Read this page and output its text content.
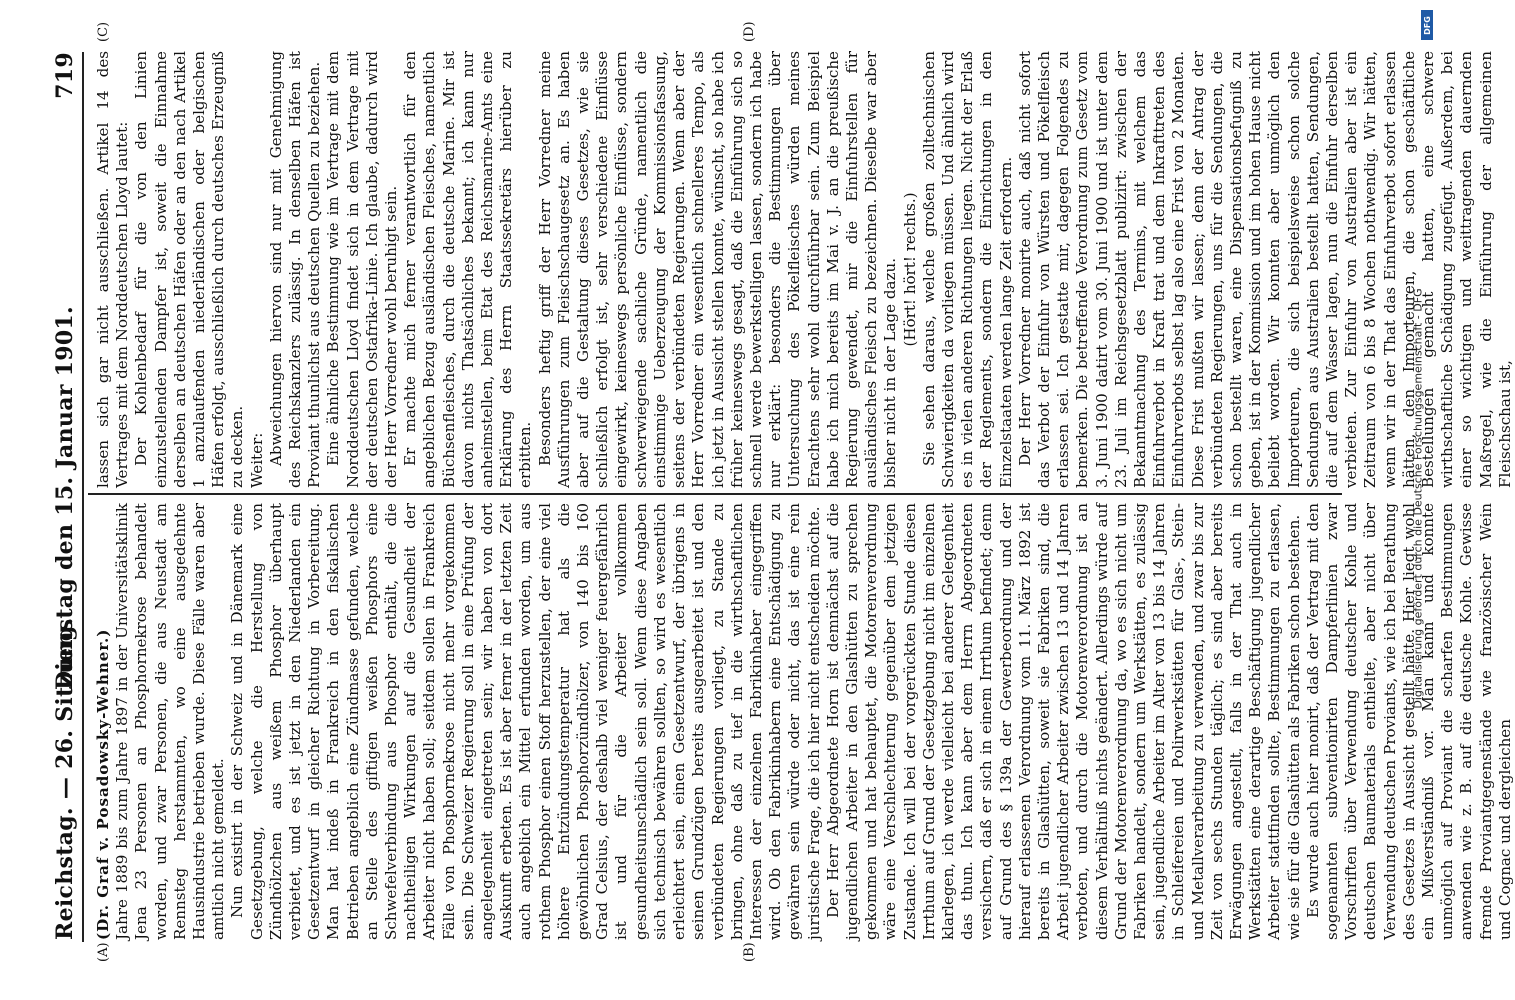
Reichstag. — 26. Sitzung.
Dienstag den 15. Januar 1901.
719
(A)	(B)
(C)	(D)

(Dr. Graf v. Posadowsky-Wehner.) Jahre 1889 bis zum Jahre 1897 in der Universitätsklinik Jena 23 Personen an Phosphornekrose behandelt worden, und zwar Personen, die aus Neustadt am Rennsteg herstammten, wo eine ausgedehnte Hausindustrie betrieben wurde. Diese Fälle waren aber amtlich nicht gemeldet. Nun existirt in der Schweiz und in Dänemark eine Gesetzgebung, welche die Herstellung von Zündhölzchen aus weißem Phosphor überhaupt verbietet, und es ist jetzt in den Niederlanden ein Gesetzentwurf in gleicher Richtung in Vorbereitung. Man hat indeß in Frankreich in den fiskalischen Betrieben angeblich eine Zündmasse gefunden, welche an Stelle des giftigen weißen Phosphors eine Schwefelverbindung aus Phosphor enthält, die die nachtheiligen Wirkungen auf die Gesundheit der Arbeiter nicht haben soll; seitdem sollen in Frankreich Fälle von Phosphornekrose nicht mehr vorgekommen sein. Die Schweizer Regierung soll in eine Prüfung der angelegenheit eingetreten sein; wir haben von dort Auskunft erbeten. Es ist aber ferner in der letzten Zeit auch angeblich ein Mittel erfunden worden, um aus rothem Phosphor einen Stoff herzustellen, der eine viel höhere Entzündungstemperatur hat als die gewöhnlichen Phosphorzündhölzer, von 140 bis 160 Grad Celsius, der deshalb viel weniger feuergefährlich ist und für die Arbeiter vollkommen gesundheitsunschädlich sein soll. Wenn diese Angaben sich technisch bewähren sollten, so wird es wesentlich erleichtert sein, einen Gesetzentwurf, der übrigens in seinen Grundzügen bereits ausgearbeitet ist und den verbündeten Regierungen vorliegt, zu Stande zu bringen, ohne daß zu tief in die wirthschaftlichen Interessen der einzelnen Fabrikinhaber eingegriffen wird. Ob den Fabrikinhabern eine Entschädigung zu gewähren sein würde oder nicht, das ist eine rein juristische Frage, die ich hier nicht entscheiden möchte. Der Herr Abgeordnete Horn ist demnächst auf die jugendlichen Arbeiter in den Glashütten zu sprechen gekommen und hat behauptet, die Motorenverordnung wäre eine Verschlechterung gegenüber dem jetzigen Zustande. Ich will bei der vorgerückten Stunde diesen Irrthum auf Grund der Gesetzgebung nicht im einzelnen klarlegen, ich werde vielleicht bei anderer Gelegenheit das thun. Ich kann aber dem Herrn Abgeordneten versichern, daß er sich in einem Irrthum befindet; denn auf Grund des § 139a der Gewerbeordnung und der hierauf erlassenen Verordnung vom 11. März 1892 ist bereits in Glashütten, soweit sie Fabriken sind, die Arbeit jugendlicher Arbeiter zwischen 13 und 14 Jahren verboten, und durch die Motorenverordnung ist an diesem Verhältniß nichts geändert. Allerdings würde auf Grund der Motorenverordnung da, wo es sich nicht um Fabriken handelt, sondern um Werkstätten, es zulässig sein, jugendliche Arbeiter im Alter von 13 bis 14 Jahren in Schleifereien und Polirwerkstätten für Glas-, Stein- und Metallverarbeitung zu verwenden, und zwar bis zur Zeit von sechs Stunden täglich; es sind aber bereits Erwägungen angestellt, falls in der That auch in Werkstätten eine derartige Beschäftigung jugendlicher Arbeiter stattfinden sollte, Bestimmungen zu erlassen, wie sie für die Glashütten als Fabriken schon bestehen. Es wurde auch hier monirt, daß der Vertrag mit den sogenannten subventionirten Dampferlinien zwar Vorschriften über Verwendung deutscher Kohle und deutschen Baumaterials enthielte, aber nicht über Verwendung deutschen Proviants, wie ich bei Berathung des Gesetzes in Aussicht gestellt hätte. Hier liegt wohl ein Mißverständniß vor. Man kann und konnte unmöglich auf Proviant die scharfen Bestimmungen anwenden wie z. B. auf die deutsche Kohle. Gewisse fremde Proviantgegenstände wie französischer Wein und Cognac und dergleichen

lassen sich gar nicht ausschließen. Artikel 14 des Vertrages mit dem Norddeutschen Lloyd lautet: Der Kohlenbedarf für die von den Linien einzustellenden Dampfer ist, soweit die Einnahme derselben an deutschen Häfen oder an den nach Artikel 1 anzulaufenden niederländischen oder belgischen Häfen erfolgt, ausschließlich durch deutsches Erzeugniß zu decken. Weiter: Abweichungen hiervon sind nur mit Genehmigung des Reichskanzlers zulässig. In denselben Häfen ist Proviant thunlichst aus deutschen Quellen zu beziehen. Eine ähnliche Bestimmung wie im Vertrage mit dem Norddeutschen Lloyd findet sich in dem Vertrage mit der deutschen Ostafrika-Linie. Ich glaube, dadurch wird der Herr Vorredner wohl beruhigt sein. Er machte mich ferner verantwortlich für den angeblichen Bezug ausländischen Fleisches, namentlich Büchsenfleisches, durch die deutsche Marine. Mir ist davon nichts Thatsächliches bekannt; ich kann nur anheimstellen, beim Etat des Reichsmarine-Amts eine Erklärung des Herrn Staatssekretärs hierüber zu erbitten. Besonders heftig griff der Herr Vorredner meine Ausführungen zum Fleischschaugesetz an. Es haben aber auf die Gestaltung dieses Gesetzes, wie sie schließlich erfolgt ist, sehr verschiedene Einflüsse eingewirkt, keineswegs persönliche Einflüsse, sondern schwerwiegende sachliche Gründe, namentlich die einstimmige Ueberzeugung der Kommissionsfassung, seitens der verbündeten Regierungen. Wenn aber der Herr Vorredner ein wesentlich schnelleres Tempo, als ich jetzt in Aussicht stellen konnte, wünscht, so habe ich früher keineswegs gesagt, daß die Einführung sich so schnell werde bewerkstelligen lassen, sondern ich habe nur erklärt: besonders die Bestimmungen über Untersuchung des Pökelfleisches würden meines Erachtens sehr wohl durchführbar sein. Zum Beispiel habe ich mich bereits im Mai v. J. an die preußische Regierung gewendet, mir die Einfuhrstellen für ausländisches Fleisch zu bezeichnen. Dieselbe war aber bisher nicht in der Lage dazu. (Hört! hört! rechts.) Sie sehen daraus, welche großen zolltechnischen Schwierigkeiten da vorliegen müssen. Und ähnlich wird es in vielen anderen Richtungen liegen. Nicht der Erlaß der Reglements, sondern die Einrichtungen in den Einzelstaaten werden lange Zeit erfordern. Der Herr Vorredner monirte auch, daß nicht sofort das Verbot der Einfuhr von Würsten und Pökelfleisch erlassen sei. Ich gestatte mir, dagegen Folgendes zu bemerken. Die betreffende Verordnung zum Gesetz vom 3. Juni 1900 datirt vom 30. Juni 1900 und ist unter dem 23. Juli im Reichsgesetzblatt publizirt: zwischen der Bekanntmachung des Termins, mit welchem das Einfuhrverbot in Kraft trat und dem Inkrafttreten des Einfuhrverbots selbst lag also eine Frist von 2 Monaten. Diese Frist mußten wir lassen; denn der Antrag der verbündeten Regierungen, uns für die Sendungen, die schon bestellt waren, eine Dispensationsbefugniß zu geben, ist in der Kommission und im hohen Hause nicht beliebt worden. Wir konnten aber unmöglich den Importeuren, die sich beispielsweise schon solche Sendungen aus Australien bestellt hatten, Sendungen, die auf dem Wasser lagen, nun die Einfuhr derselben verbieten. Zur Einfuhr von Australien aber ist ein Zeitraum von 6 bis 8 Wochen nothwendig. Wir hätten, wenn wir in der That das Einfuhrverbot sofort erlassen hätten, den Importeuren, die schon geschäftliche Bestellungen gemacht hatten, eine schwere wirthschaftliche Schädigung zugefügt. Außerdem, bei einer so wichtigen und weittragenden dauernden Maßregel, wie die Einführung der allgemeinen Fleischschau ist,

Digitalisierung gefördert durch die Deutsche Forschungsgemeinschaft - DFG
DFG
